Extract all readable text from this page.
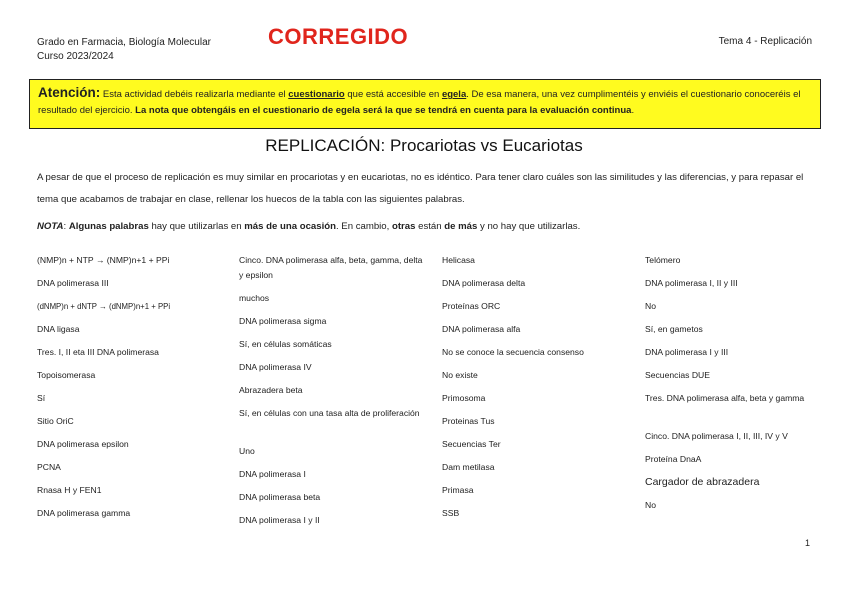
Grado en Farmacia, Biología Molecular
Curso 2023/2024
CORREGIDO	Tema 4 - Replicación
Atención: Esta actividad debéis realizarla mediante el cuestionario que está accesible en egela. De esa manera, una vez cumplimentéis y enviéis el cuestionario conoceréis el resultado del ejercicio. La nota que obtengáis en el cuestionario de egela será la que se tendrá en cuenta para la evaluación continua.
REPLICACIÓN: Procariotas vs Eucariotas
A pesar de que el proceso de replicación es muy similar en procariotas y en eucariotas, no es idéntico. Para tener claro cuáles son las similitudes y las diferencias, y para repasar el tema que acabamos de trabajar en clase, rellenar los huecos de la tabla con las siguientes palabras.
NOTA: Algunas palabras hay que utilizarlas en más de una ocasión. En cambio, otras están de más y no hay que utilizarlas.
(NMP)n + NTP → (NMP)n+1 + PPi
DNA polimerasa III
(dNMP)n + dNTP → (dNMP)n+1 + PPi
DNA ligasa
Tres. I, II eta III DNA polimerasa
Topoisomerasa
Sí
Sitio OriC
DNA polimerasa epsilon
PCNA
Rnasa H y FEN1
DNA polimerasa gamma
Cinco. DNA polimerasa alfa, beta, gamma, delta y epsilon
muchos
DNA polimerasa sigma
Sí, en células somáticas
DNA polimerasa IV
Abrazadera beta
Sí, en células con una tasa alta de proliferación
Uno
DNA polimerasa I
DNA polimerasa beta
DNA polimerasa I y II
Helicasa
DNA polimerasa delta
Proteínas ORC
DNA polimerasa alfa
No se conoce la secuencia consenso
No existe
Primosoma
Proteinas Tus
Secuencias Ter
Dam metilasa
Primasa
SSB
Telómero
DNA polimerasa I, II y III
No
Sí, en gametos
DNA polimerasa I y III
Secuencias DUE
Tres. DNA polimerasa alfa, beta y gamma
Cinco. DNA polimerasa I, II, III, IV y V
Proteína DnaA
Cargador de abrazadera
No
1
